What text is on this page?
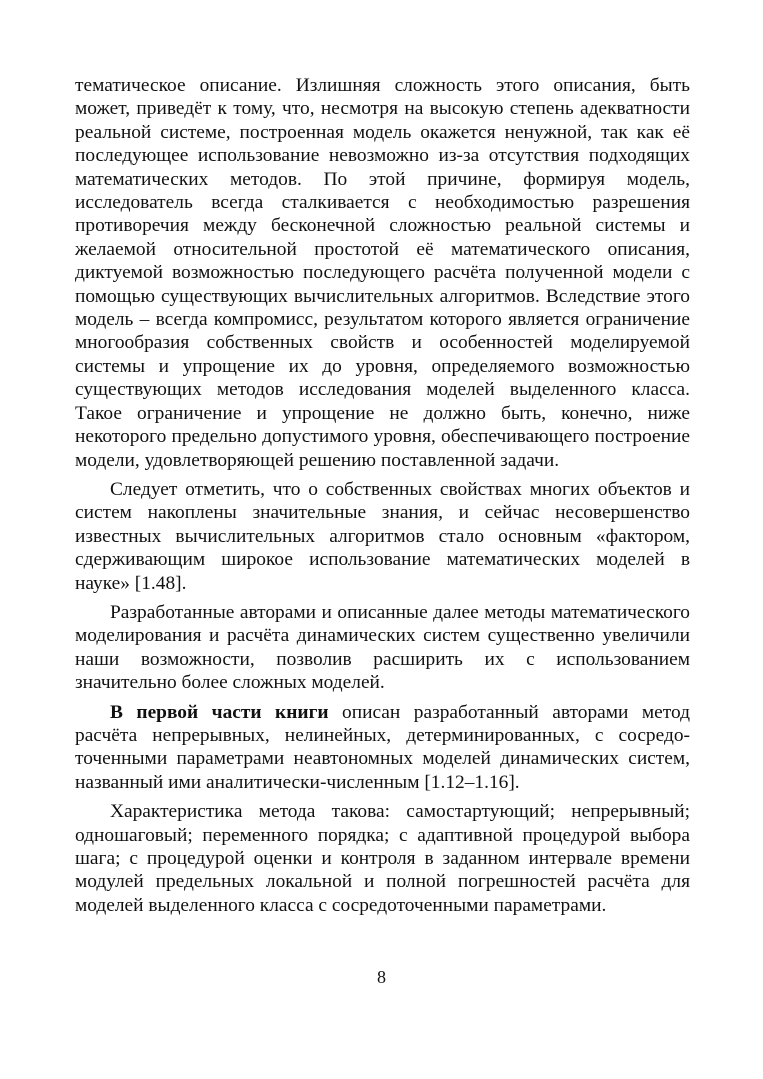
тематическое описание. Излишняя сложность этого описания, быть может, приведёт к тому, что, несмотря на высокую степень адекватности реальной системе, построенная модель окажется ненужной, так как её последующее использование невозможно из-за отсутствия подходящих математических методов. По этой причине, формируя модель, исследователь всегда сталкивается с необходимостью разрешения противоречия между бесконечной сложностью реальной системы и желаемой относительной простотой её математического описания, диктуемой возможностью последующего расчёта полученной модели с помощью существующих вычислительных алгоритмов. Вследствие этого модель – всегда компромисс, результатом которого является ограничение многообразия собственных свойств и особенностей моделируемой системы и упрощение их до уровня, определяемого возможностью существующих методов исследования моделей выделенного класса. Такое ограничение и упрощение не должно быть, конечно, ниже некоторого предельно допустимого уровня, обеспечивающего построение модели, удовлетворяющей решению поставленной задачи.

Следует отметить, что о собственных свойствах многих объектов и систем накоплены значительные знания, и сейчас несовершенство известных вычислительных алгоритмов стало основным «фактором, сдерживающим широкое использование математических моделей в науке» [1.48].

Разработанные авторами и описанные далее методы математического моделирования и расчёта динамических систем существенно увеличили наши возможности, позволив расширить их с использованием значительно более сложных моделей.

В первой части книги описан разработанный авторами метод расчёта непрерывных, нелинейных, детерминированных, с сосредоточенными параметрами неавтономных моделей динамических систем, названный ими аналитически-численным [1.12–1.16].

Характеристика метода такова: самостартующий; непрерывный; одношаговый; переменного порядка; с адаптивной процедурой выбора шага; с процедурой оценки и контроля в заданном интервале времени модулей предельных локальной и полной погрешностей расчёта для моделей выделенного класса с сосредоточенными параметрами.

8
